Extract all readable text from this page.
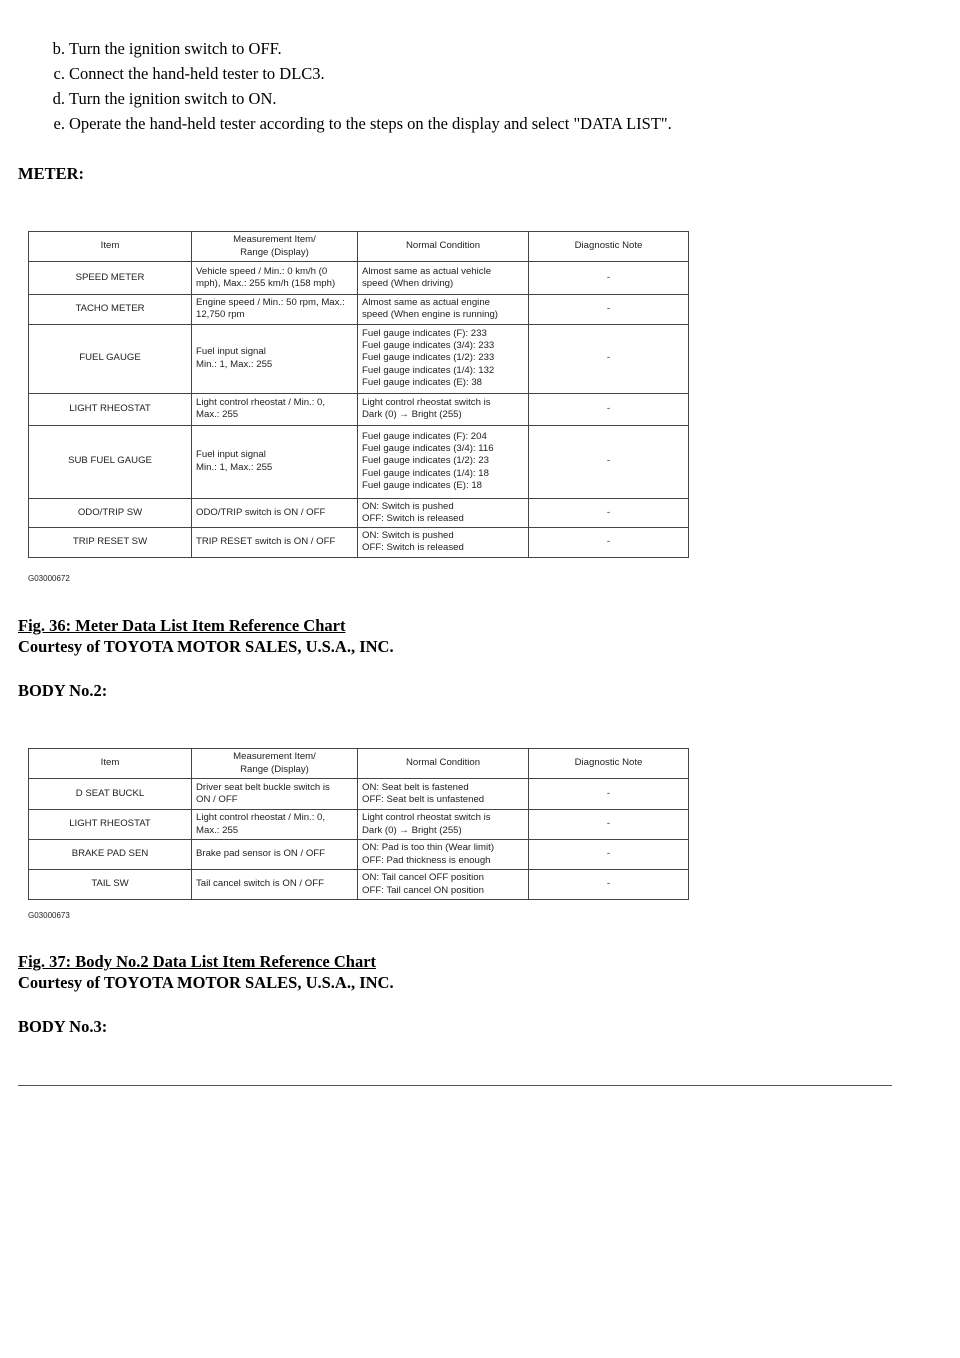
b. Turn the ignition switch to OFF.
c. Connect the hand-held tester to DLC3.
d. Turn the ignition switch to ON.
e. Operate the hand-held tester according to the steps on the display and select "DATA LIST".

METER:

Item	Measurement Item/
Range (Display)	Normal Condition	Diagnostic Note
SPEED METER	Vehicle speed / Min.: 0 km/h (0
mph), Max.: 255 km/h (158 mph)	Almost same as actual vehicle
speed (When driving)	-
TACHO METER	Engine speed / Min.: 50 rpm, Max.:
12,750 rpm	Almost same as actual engine
speed (When engine is running)	-
FUEL GAUGE	Fuel input signal
Min.: 1, Max.: 255	Fuel gauge indicates (F): 233
Fuel gauge indicates (3/4): 233
Fuel gauge indicates (1/2): 233
Fuel gauge indicates (1/4): 132
Fuel gauge indicates (E): 38	-
LIGHT RHEOSTAT	Light control rheostat / Min.: 0,
Max.: 255	Light control rheostat switch is
Dark (0) → Bright (255)	-
SUB FUEL GAUGE	Fuel input signal
Min.: 1, Max.: 255	Fuel gauge indicates (F): 204
Fuel gauge indicates (3/4): 116
Fuel gauge indicates (1/2): 23
Fuel gauge indicates (1/4): 18
Fuel gauge indicates (E): 18	-
ODO/TRIP SW	ODO/TRIP switch is ON / OFF	ON: Switch is pushed
OFF: Switch is released	-
TRIP RESET SW	TRIP RESET switch is ON / OFF	ON: Switch is pushed
OFF: Switch is released	-
G03000672

Fig. 36: Meter Data List Item Reference Chart

Courtesy of TOYOTA MOTOR SALES, U.S.A., INC.

BODY No.2:

Item	Measurement Item/
Range (Display)	Normal Condition	Diagnostic Note
D SEAT BUCKL	Driver seat belt buckle switch is
ON / OFF	ON: Seat belt is fastened
OFF: Seat belt is unfastened	-
LIGHT RHEOSTAT	Light control rheostat / Min.: 0,
Max.: 255	Light control rheostat switch is
Dark (0) → Bright (255)	-
BRAKE PAD SEN	Brake pad sensor is ON / OFF	ON: Pad is too thin (Wear limit)
OFF: Pad thickness is enough	-
TAIL SW	Tail cancel switch is ON / OFF	ON: Tail cancel OFF position
OFF: Tail cancel ON position	-
G03000673

Fig. 37: Body No.2 Data List Item Reference Chart

Courtesy of TOYOTA MOTOR SALES, U.S.A., INC.

BODY No.3:
